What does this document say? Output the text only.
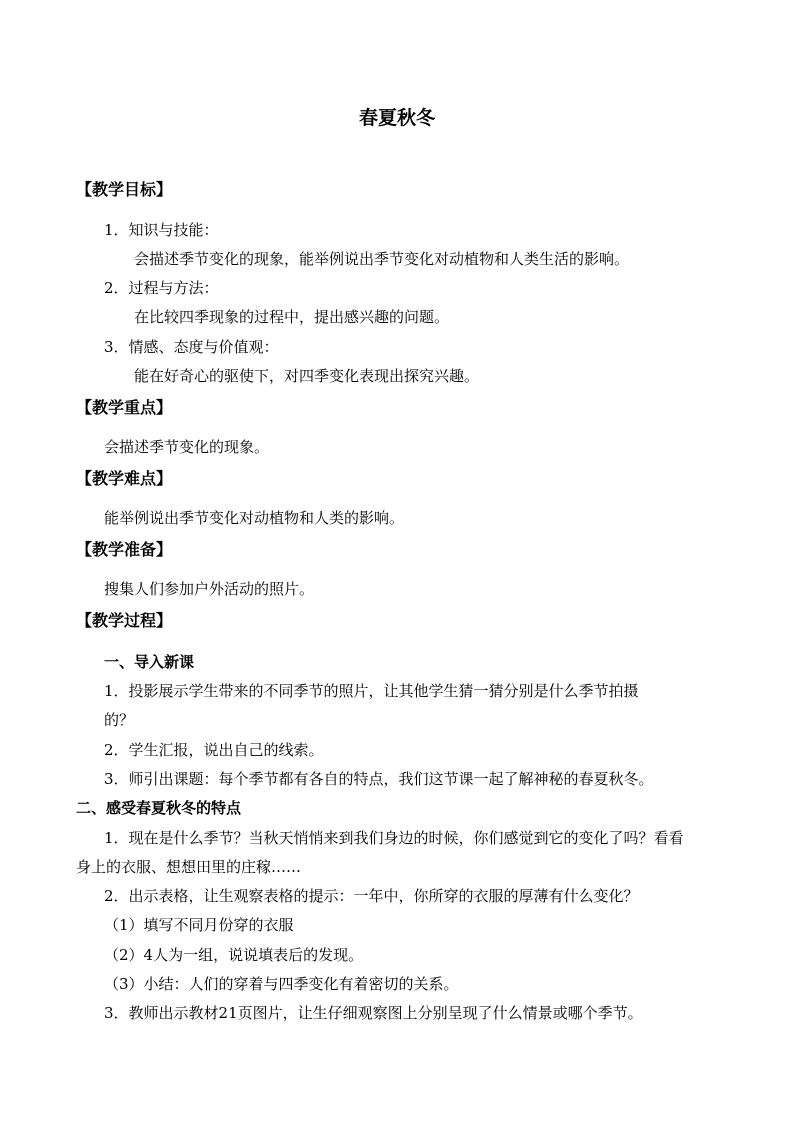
春夏秋冬
【教学目标】
1．知识与技能：
会描述季节变化的现象，能举例说出季节变化对动植物和人类生活的影响。
2．过程与方法：
在比较四季现象的过程中，提出感兴趣的问题。
3．情感、态度与价值观：
能在好奇心的驱使下，对四季变化表现出探究兴趣。
【教学重点】
会描述季节变化的现象。
【教学难点】
能举例说出季节变化对动植物和人类的影响。
【教学准备】
搜集人们参加户外活动的照片。
【教学过程】
一、导入新课
1．投影展示学生带来的不同季节的照片，让其他学生猜一猜分别是什么季节拍摄
的？
2．学生汇报，说出自己的线索。
3．师引出课题：每个季节都有各自的特点，我们这节课一起了解神秘的春夏秋冬。
二、感受春夏秋冬的特点
1．现在是什么季节？当秋天悄悄来到我们身边的时候，你们感觉到它的变化了吗？看看
身上的衣服、想想田里的庄稼……
2．出示表格，让生观察表格的提示：一年中，你所穿的衣服的厚薄有什么变化？
（1）填写不同月份穿的衣服
（2）4人为一组，说说填表后的发现。
（3）小结：人们的穿着与四季变化有着密切的关系。
3．教师出示教材21页图片，让生仔细观察图上分别呈现了什么情景或哪个季节。
